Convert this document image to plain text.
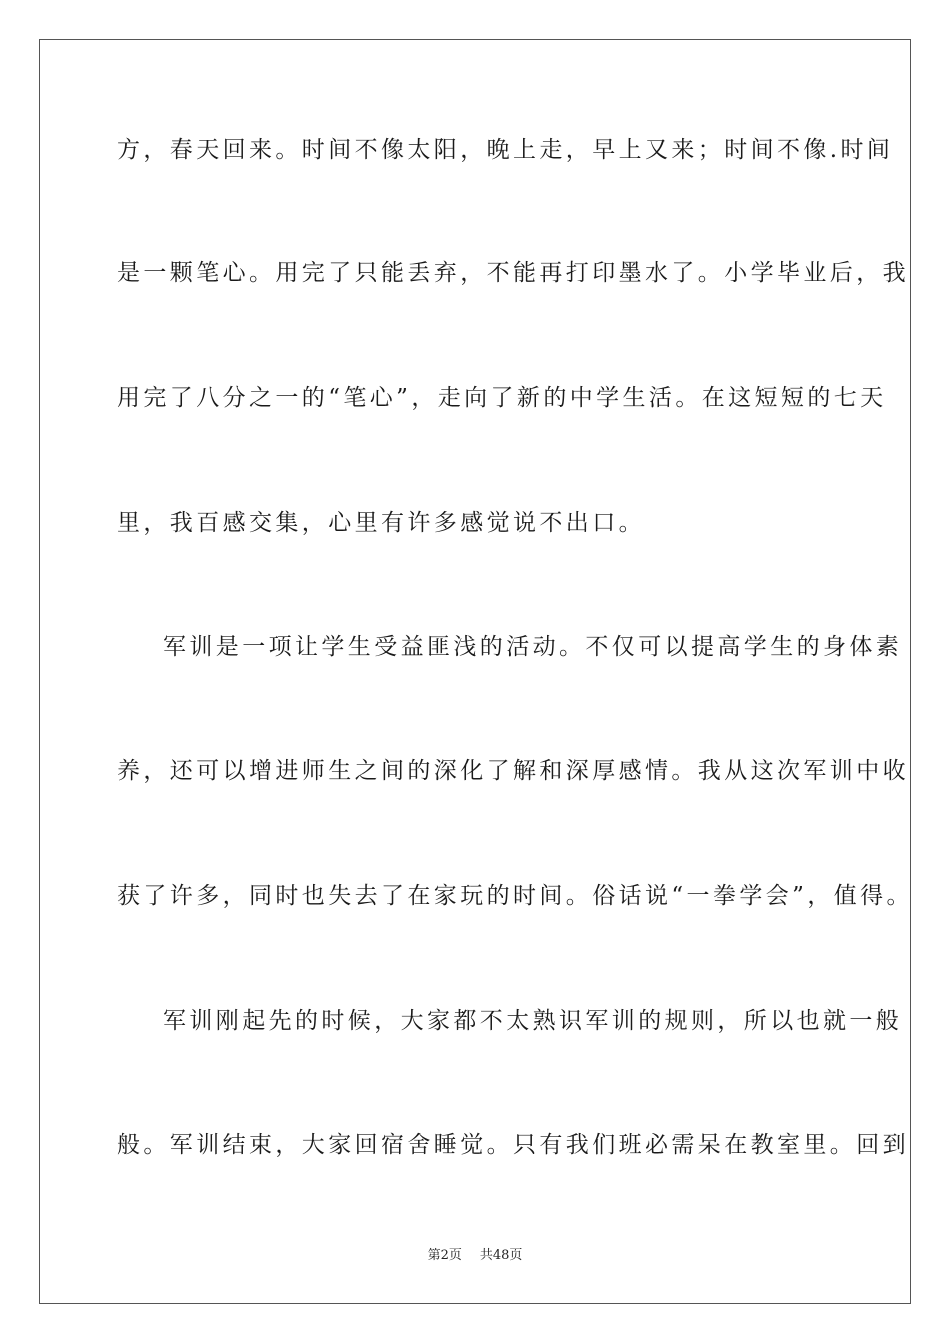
方，春天回来。时间不像太阳，晚上走，早上又来；时间不像.时间
是一颗笔心。用完了只能丢弃，不能再打印墨水了。小学毕业后，我
用完了八分之一的“笔心”，走向了新的中学生活。在这短短的七天
里，我百感交集，心里有许多感觉说不出口。
军训是一项让学生受益匪浅的活动。不仅可以提高学生的身体素
养，还可以增进师生之间的深化了解和深厚感情。我从这次军训中收
获了许多，同时也失去了在家玩的时间。俗话说“一拳学会”，值得。
军训刚起先的时候，大家都不太熟识军训的规则，所以也就一般
般。军训结束，大家回宿舍睡觉。只有我们班必需呆在教室里。回到
第2页 共48页
